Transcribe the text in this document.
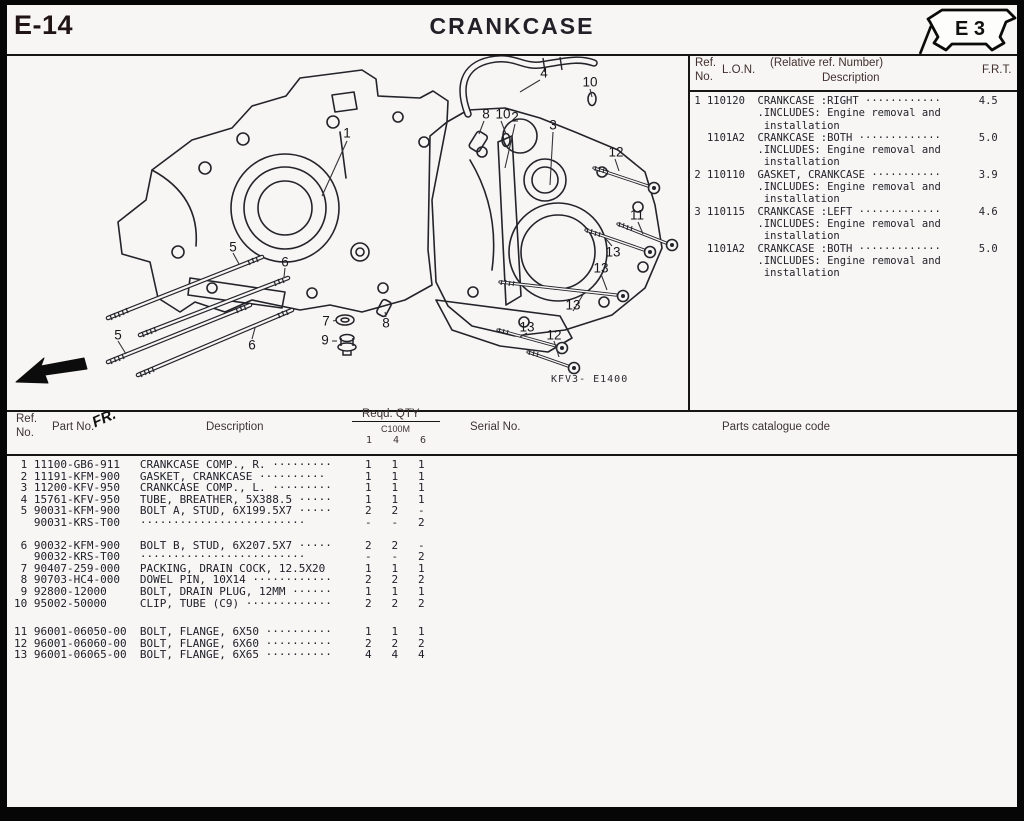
E-14	CRANKCASE	E 3
Ref.
No.
L.O.N.
(Relative ref. Number)
Description
F.R.T.
1 110120  CRANKCASE :RIGHT ············      4.5
.INCLUDES: Engine removal and
installation
1101A2  CRANKCASE :BOTH ·············      5.0
.INCLUDES: Engine removal and
installation
2 110110  GASKET, CRANKCASE ···········      3.9
.INCLUDES: Engine removal and
installation
3 110115  CRANKCASE :LEFT ·············      4.6
.INCLUDES: Engine removal and
installation
1101A2  CRANKCASE :BOTH ·············      5.0
.INCLUDES: Engine removal and
installation
FR.
KFV3- E1400
1
2
3
4
10
8 10
12
11
13
13
13
13
12
5
6
5
6
7	8
9
Ref.
No. Part No.	Description
Reqd. QTY
C100M
1 4 6
Serial No.	Parts catalogue code
1 11100-GB6-911   CRANKCASE COMP., R. ·········     1   1   1
2 11191-KFM-900   GASKET, CRANKCASE ··········      1   1   1
3 11200-KFV-950   CRANKCASE COMP., L. ·········     1   1   1
4 15761-KFV-950   TUBE, BREATHER, 5X388.5 ·····     1   1   1
5 90031-KFM-900   BOLT A, STUD, 6X199.5X7 ·····     2   2   -
90031-KRS-T00   ·························         -   -   2
6 90032-KFM-900   BOLT B, STUD, 6X207.5X7 ·····     2   2   -
90032-KRS-T00   ·························         -   -   2
7 90407-259-000   PACKING, DRAIN COCK, 12.5X20      1   1   1
8 90703-HC4-000   DOWEL PIN, 10X14 ············     2   2   2
9 92800-12000     BOLT, DRAIN PLUG, 12MM ······     1   1   1
10 95002-50000     CLIP, TUBE (C9) ·············     2   2   2
11 96001-06050-00  BOLT, FLANGE, 6X50 ··········     1   1   1
12 96001-06060-00  BOLT, FLANGE, 6X60 ··········     2   2   2
13 96001-06065-00  BOLT, FLANGE, 6X65 ··········     4   4   4
